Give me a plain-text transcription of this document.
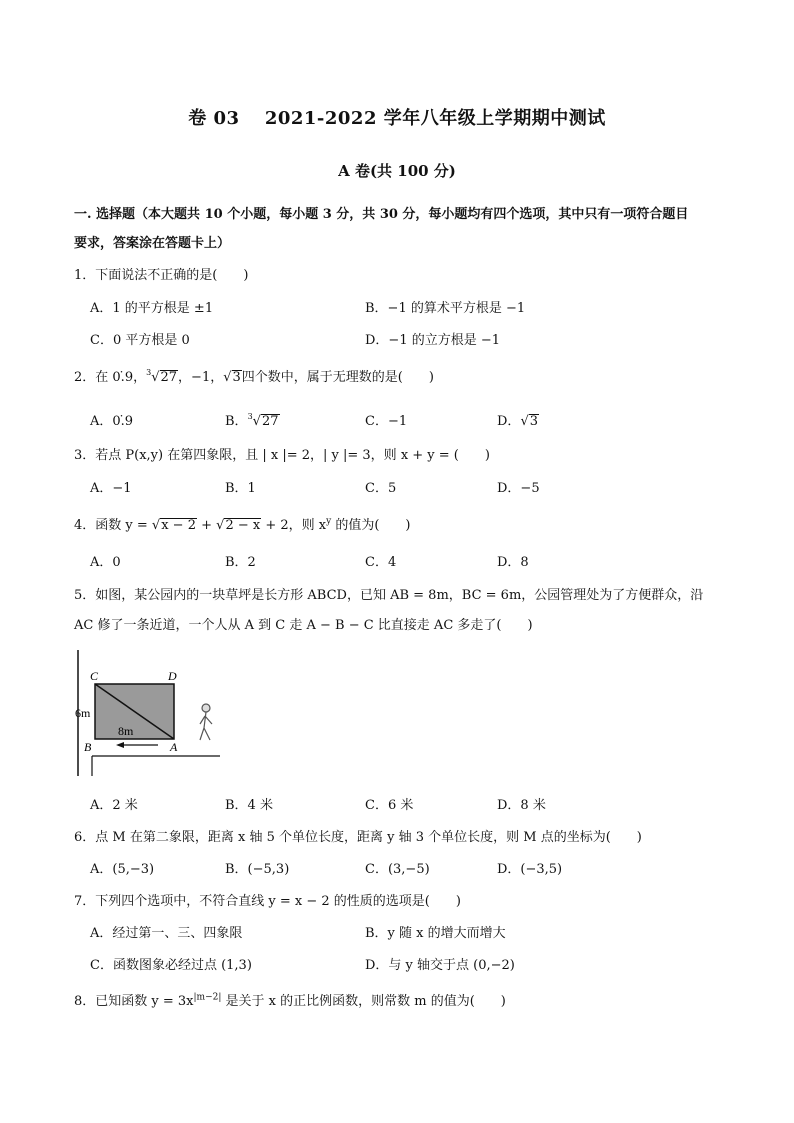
卷 03　 2021-2022 学年八年级上学期期中测试
A 卷(共 100 分)
一. 选择题（本大题共 10 个小题，每小题 3 分，共 30 分，每小题均有四个选项，其中只有一项符合题目
要求，答案涂在答题卡上）
1．下面说法不正确的是(　　)
A．1 的平方根是 ±1	B．−1 的算术平方根是 −1
C．0 平方根是 0	D．−1 的立方根是 −1
2．在 0.̇9，$^3$√27，−1，√3四个数中，属于无理数的是(　　)
A．0.̇9	B．$^3$√27	C．−1	D．√3
3．若点 P(x,y) 在第四象限，且 | x |= 2，| y |= 3，则 x + y = (　　)
A．−1	B．1	C．5	D．−5
4．函数 y = √x − 2 + √2 − x + 2，则 $x^y$ 的值为(　　)
A．0	B．2	C．4	D．8
5．如图，某公园内的一块草坪是长方形 ABCD，已知 AB = 8m，BC = 6m，公园管理处为了方便群众，沿
AC 修了一条近道，一个人从 A 到 C 走 A − B − C 比直接走 AC 多走了(　　)
C	D
B	A
6m
8m
A．2 米	B．4 米	C．6 米	D．8 米
6．点 M 在第二象限，距离 x 轴 5 个单位长度，距离 y 轴 3 个单位长度，则 M 点的坐标为(　　)
A．(5,−3)	B．(−5,3)	C．(3,−5)	D．(−3,5)
7．下列四个选项中，不符合直线 y = x − 2 的性质的选项是(　　)
A．经过第一、三、四象限	B．y 随 x 的增大而增大
C．函数图象必经过点 (1,3)	D．与 y 轴交于点 (0,−2)
8．已知函数 $y = 3x^{|m-2|}$ 是关于 x 的正比例函数，则常数 m 的值为(　　)
